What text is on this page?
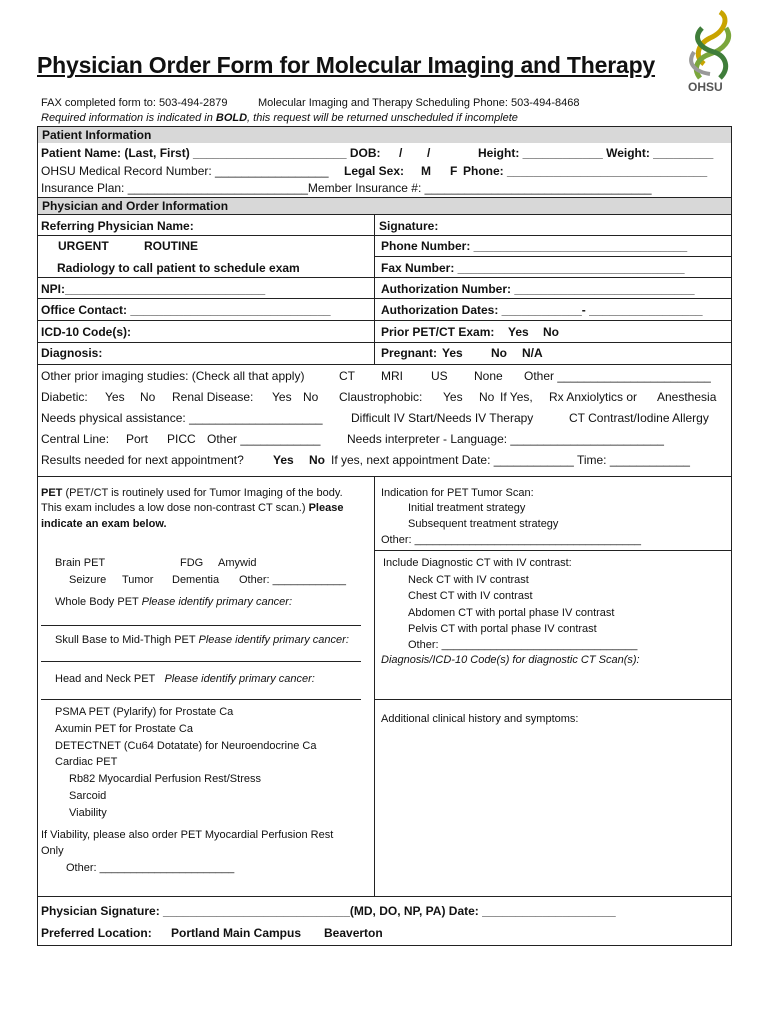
Physician Order Form for Molecular Imaging and Therapy
OHSU
FAX completed form to: 503-494-2879	Molecular Imaging and Therapy Scheduling Phone: 503-494-8468
Required information is indicated in BOLD, this request will be returned unscheduled if incomplete
Patient Information
Patient Name: (Last, First) _______________________ DOB: / /	Height: ____________ Weight: _________
OHSU Medical Record Number: _________________ Legal Sex: M F Phone: ______________________________
Insurance Plan: ___________________________Member Insurance #: __________________________________
Physician and Order Information
Referring Physician Name:	Signature:
URGENT	ROUTINE	Phone Number: ________________________________
Radiology to call patient to schedule exam	Fax Number: __________________________________
NPI:______________________________	Authorization Number: ___________________________
Office Contact: ______________________________	Authorization Dates: ____________- _________________
ICD-10 Code(s):	Prior PET/CT Exam: Yes No
Diagnosis:	Pregnant: Yes No N/A
Other prior imaging studies: (Check all that apply)	CT MRI US None Other _______________________
Diabetic: Yes No Renal Disease: Yes No Claustrophobic: Yes No If Yes, Rx Anxiolytics or Anesthesia
Needs physical assistance: ____________________ Difficult IV Start/Needs IV Therapy	CT Contrast/Iodine Allergy
Central Line: Port PICC Other ____________ Needs interpreter - Language: _______________________
Results needed for next appointment? Yes No If yes, next appointment Date: ____________ Time: ____________
PET (PET/CT is routinely used for Tumor Imaging of the body.
This exam includes a low dose non-contrast CT scan.) Please
indicate an exam below.
Brain PET	FDG Amywid
Seizure Tumor Dementia Other: ____________
Whole Body PET Please identify primary cancer:
Skull Base to Mid-Thigh PET Please identify primary cancer:
Head and Neck PET Please identify primary cancer:
PSMA PET (Pylarify) for Prostate Ca
Axumin PET for Prostate Ca
DETECTNET (Cu64 Dotatate) for Neuroendocrine Ca
Cardiac PET
Rb82 Myocardial Perfusion Rest/Stress
Sarcoid
Viability
If Viability, please also order PET Myocardial Perfusion Rest
Only
Other: ______________________
Indication for PET Tumor Scan:
Initial treatment strategy
Subsequent treatment strategy
Other: _____________________________________
Include Diagnostic CT with IV contrast:
Neck CT with IV contrast
Chest CT with IV contrast
Abdomen CT with portal phase IV contrast
Pelvis CT with portal phase IV contrast
Other: ________________________________
Diagnosis/ICD-10 Code(s) for diagnostic CT Scan(s):
Additional clinical history and symptoms:
Physician Signature: ____________________________(MD, DO, NP, PA) Date: ____________________
Preferred Location: Portland Main Campus Beaverton
